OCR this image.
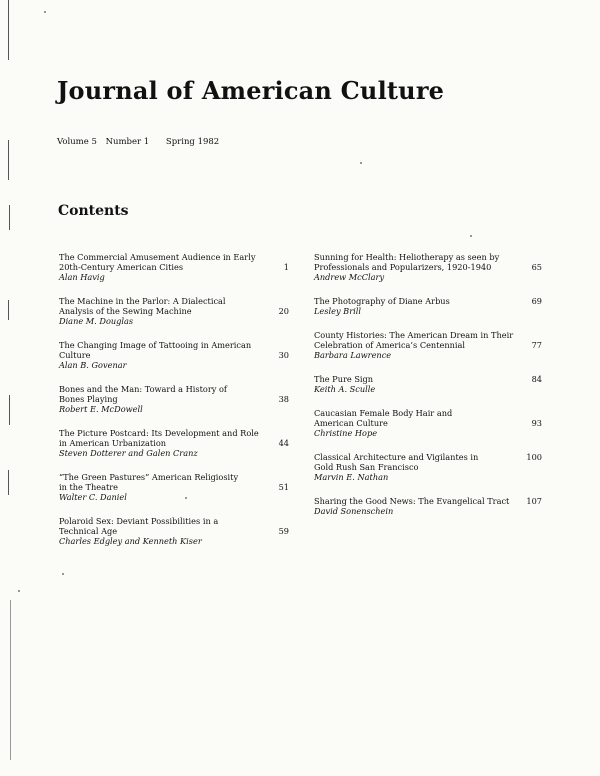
Journal of American Culture
Volume 5 Number 1 Spring 1982
Contents
The Commercial Amusement Audience in Early
20th-Century American Cities
Alan Havig
1
The Machine in the Parlor: A Dialectical
Analysis of the Sewing Machine
Diane M. Douglas
20
The Changing Image of Tattooing in American
Culture
Alan B. Govenar
30
Bones and the Man: Toward a History of
Bones Playing
Robert E. McDowell
38
The Picture Postcard: Its Development and Role
in American Urbanization
Steven Dotterer and Galen Cranz
44
“The Green Pastures” American Religiosity
in the Theatre
Walter C. Daniel
51
Polaroid Sex: Deviant Possibilities in a
Technical Age
Charles Edgley and Kenneth Kiser
59
Sunning for Health: Heliotherapy as seen by
Professionals and Popularizers, 1920-1940
Andrew McClary
65
The Photography of Diane Arbus
Lesley Brill
69
County Histories: The American Dream in Their
Celebration of America’s Centennial
Barbara Lawrence
77
The Pure Sign
Keith A. Sculle
84
Caucasian Female Body Hair and
American Culture
Christine Hope
93
Classical Architecture and Vigilantes in
Gold Rush San Francisco
Marvin E. Nathan
100
Sharing the Good News: The Evangelical Tract
David Sonenschein
107
